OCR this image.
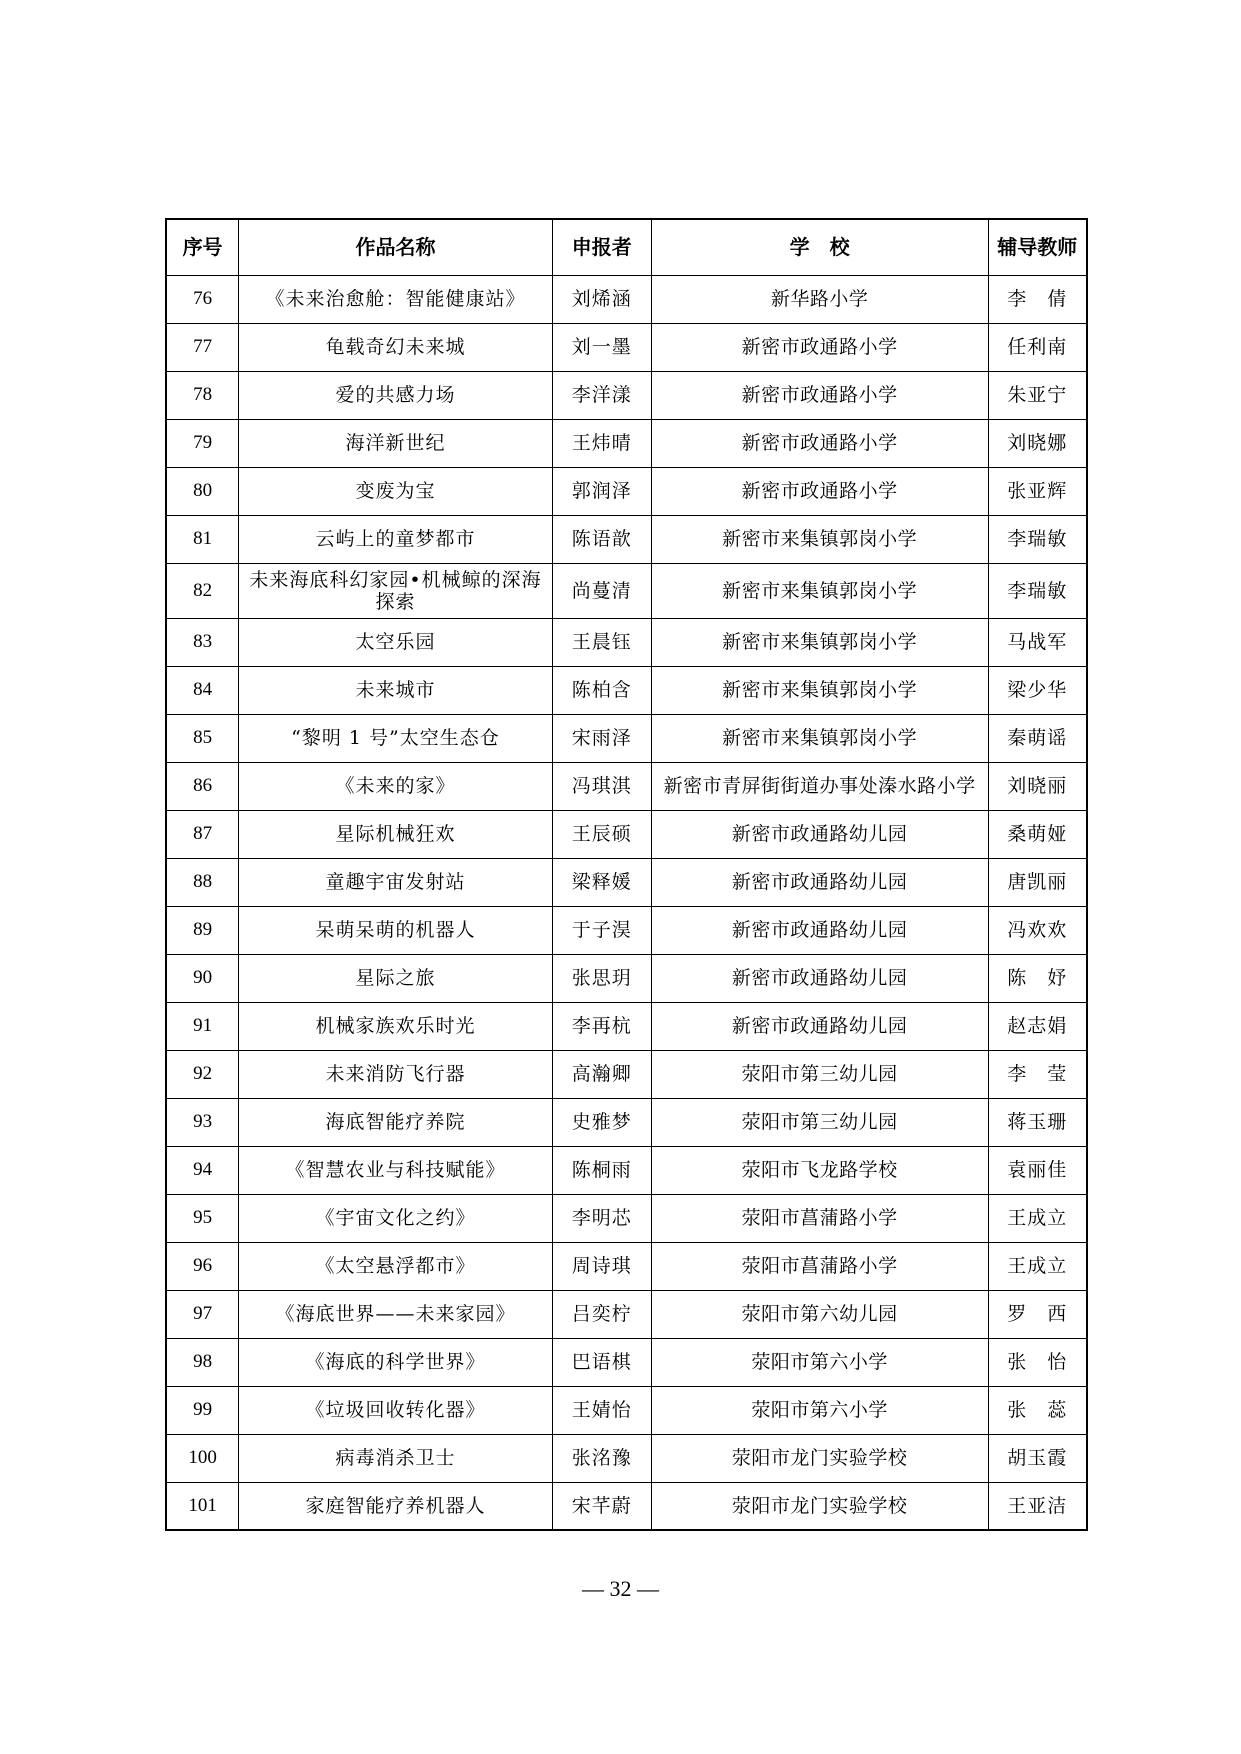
序号	作品名称	申报者	学　校	辅导教师
76	《未来治愈舱：智能健康站》	刘烯涵	新华路小学	李　倩
77	龟载奇幻未来城	刘一墨	新密市政通路小学	任利南
78	爱的共感力场	李洋漾	新密市政通路小学	朱亚宁
79	海洋新世纪	王炜晴	新密市政通路小学	刘晓娜
80	变废为宝	郭润泽	新密市政通路小学	张亚辉
81	云屿上的童梦都市	陈语歆	新密市来集镇郭岗小学	李瑞敏
82	未来海底科幻家园•机械鲸的深海探索	尚蔓清	新密市来集镇郭岗小学	李瑞敏
83	太空乐园	王晨钰	新密市来集镇郭岗小学	马战军
84	未来城市	陈柏含	新密市来集镇郭岗小学	梁少华
85	“黎明 1 号”太空生态仓	宋雨泽	新密市来集镇郭岗小学	秦萌谣
86	《未来的家》	冯琪淇	新密市青屏街街道办事处溱水路小学	刘晓丽
87	星际机械狂欢	王辰硕	新密市政通路幼儿园	桑萌娅
88	童趣宇宙发射站	梁释媛	新密市政通路幼儿园	唐凯丽
89	呆萌呆萌的机器人	于子淏	新密市政通路幼儿园	冯欢欢
90	星际之旅	张思玥	新密市政通路幼儿园	陈　妤
91	机械家族欢乐时光	李再杭	新密市政通路幼儿园	赵志娟
92	未来消防飞行器	高瀚卿	荥阳市第三幼儿园	李　莹
93	海底智能疗养院	史雅梦	荥阳市第三幼儿园	蒋玉珊
94	《智慧农业与科技赋能》	陈桐雨	荥阳市飞龙路学校	袁丽佳
95	《宇宙文化之约》	李明芯	荥阳市菖蒲路小学	王成立
96	《太空悬浮都市》	周诗琪	荥阳市菖蒲路小学	王成立
97	《海底世界——未来家园》	吕奕柠	荥阳市第六幼儿园	罗　西
98	《海底的科学世界》	巴语棋	荥阳市第六小学	张　怡
99	《垃圾回收转化器》	王婧怡	荥阳市第六小学	张　蕊
100	病毒消杀卫士	张洺豫	荥阳市龙门实验学校	胡玉霞
101	家庭智能疗养机器人	宋芊蔚	荥阳市龙门实验学校	王亚洁
— 32 —
